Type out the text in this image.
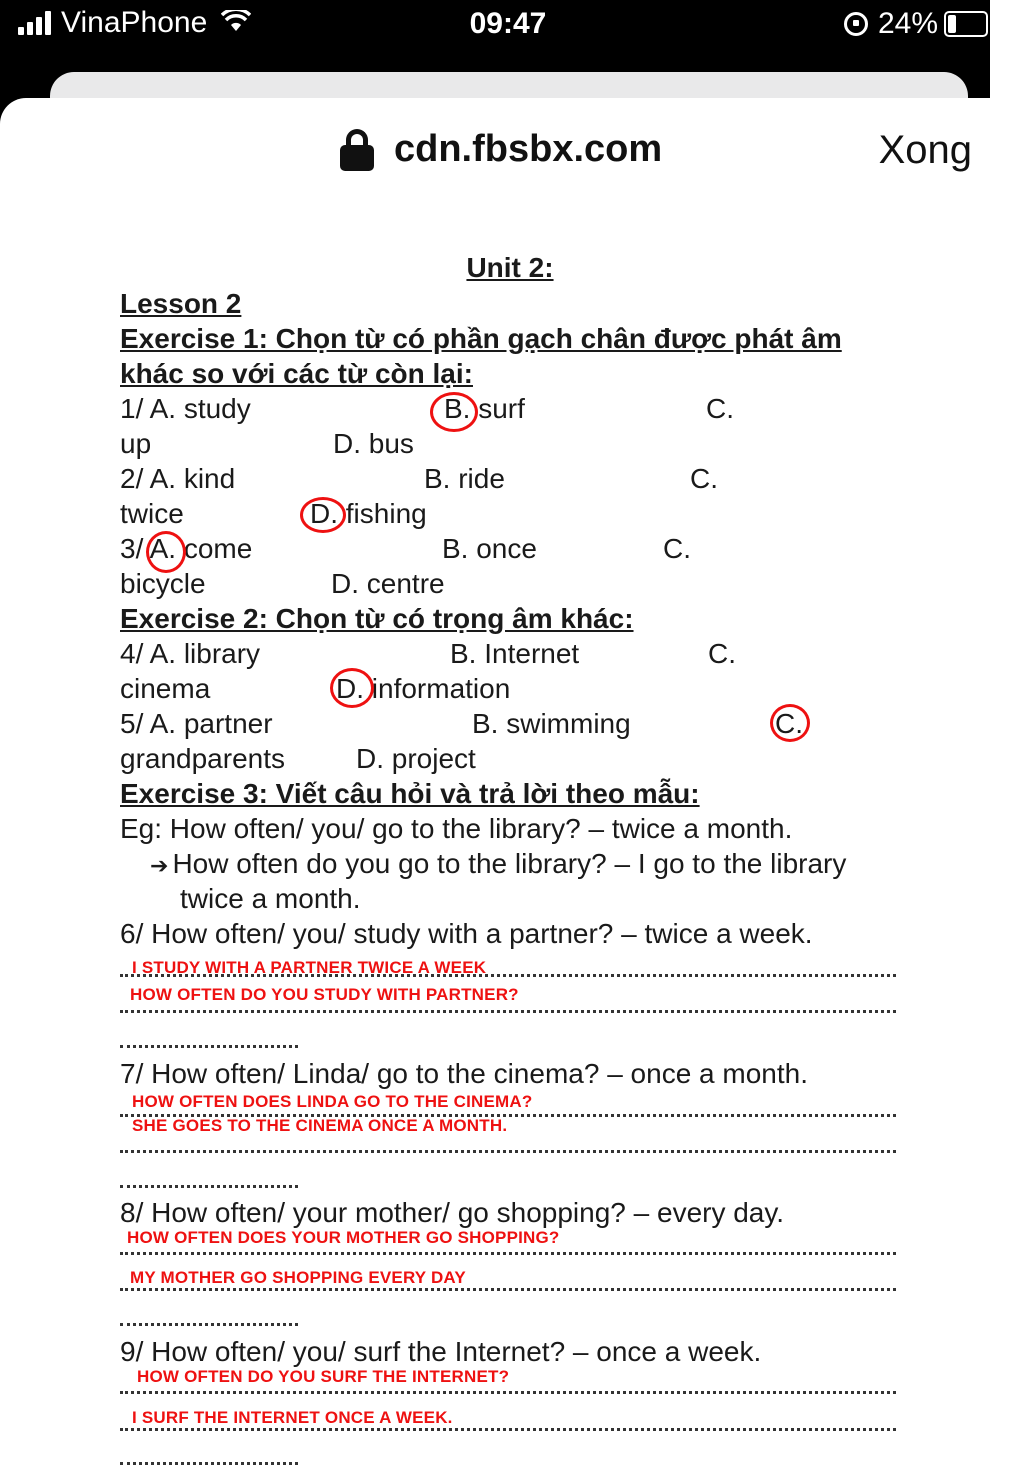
VinaPhone	09:47	24%
cdn.fbsbx.com	Xong
Unit 2:
Lesson 2
Exercise 1: Chọn từ có phần gạch chân được phát âm
khác so với các từ còn lại:
1/ A. study	B. surf	C.
up	D. bus
2/ A. kind	B. ride	C.
twice	D. fishing
3/ A. come	B. once	C.
bicycle	D. centre
Exercise 2: Chọn từ có trọng âm khác:
4/ A. library	B. Internet	C.
cinema	D. information
5/ A. partner	B. swimming	C.
grandparents	D. project
Exercise 3: Viết câu hỏi và trả lời theo mẫu:
Eg: How often/ you/ go to the library? – twice a month.
➔ How often do you go to the library? – I go to the library
twice a month.
6/ How often/ you/ study with a partner? – twice a week.
I STUDY WITH A PARTNER TWICE A WEEK
HOW OFTEN DO YOU STUDY WITH PARTNER?
7/ How often/ Linda/ go to the cinema? – once a month.
HOW OFTEN DOES LINDA GO TO THE CINEMA?
SHE GOES TO THE CINEMA ONCE A MONTH.
8/ How often/ your mother/ go shopping? – every day.
HOW OFTEN DOES YOUR MOTHER GO SHOPPING?
MY MOTHER GO SHOPPING EVERY DAY
9/ How often/ you/ surf the Internet? – once a week.
HOW OFTEN DO YOU SURF THE INTERNET?
I SURF THE INTERNET ONCE A WEEK.
